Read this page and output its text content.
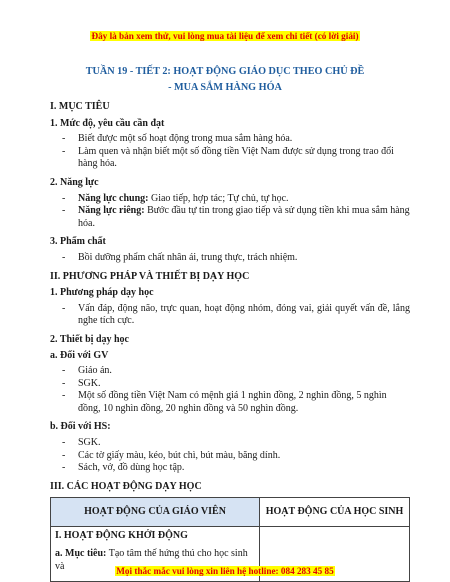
Đây là bản xem thử, vui lòng mua tài liệu để xem chi tiết (có lời giải)
TUẦN 19 - TIẾT 2: HOẠT ĐỘNG GIÁO DỤC THEO CHỦ ĐỀ
- MUA SẮM HÀNG HÓA
I. MỤC TIÊU
1. Mức độ, yêu cầu cần đạt
- Biết được một số hoạt động trong mua sắm hàng hóa.
- Làm quen và nhận biết một số đồng tiền Việt Nam được sử dụng trong trao đổi hàng hóa.
2. Năng lực
- Năng lực chung: Giao tiếp, hợp tác; Tự chủ, tự học.
- Năng lực riêng: Bước đầu tự tin trong giao tiếp và sử dụng tiền khi mua sắm hàng hóa.
3. Phẩm chất
- Bồi dưỡng phẩm chất nhân ái, trung thực, trách nhiệm.
II. PHƯƠNG PHÁP VÀ THIẾT BỊ DẠY HỌC
1. Phương pháp dạy học
- Vấn đáp, động não, trực quan, hoạt động nhóm, đóng vai, giải quyết vấn đề, lắng nghe tích cực.
2. Thiết bị dạy học
a. Đối với GV
- Giáo án.
- SGK.
- Một số đồng tiền Việt Nam có mệnh giá 1 nghìn đồng, 2 nghìn đồng, 5 nghìn đồng, 10 nghìn đồng, 20 nghìn đồng và 50 nghìn đồng.
b. Đối với HS:
- SGK.
- Các tờ giấy màu, kéo, bút chì, bút màu, băng dính.
- Sách, vở, đồ dùng học tập.
III. CÁC HOẠT ĐỘNG DẠY HỌC
HOẠT ĐỘNG CỦA GIÁO VIÊN	HOẠT ĐỘNG CỦA HỌC SINH

I. HOẠT ĐỘNG KHỞI ĐỘNG

a. Mục tiêu: Tạo tâm thế hứng thú cho học sinh và	

		Mọi thắc mắc vui lòng xin liên hệ hotline: 084 283 45 85
